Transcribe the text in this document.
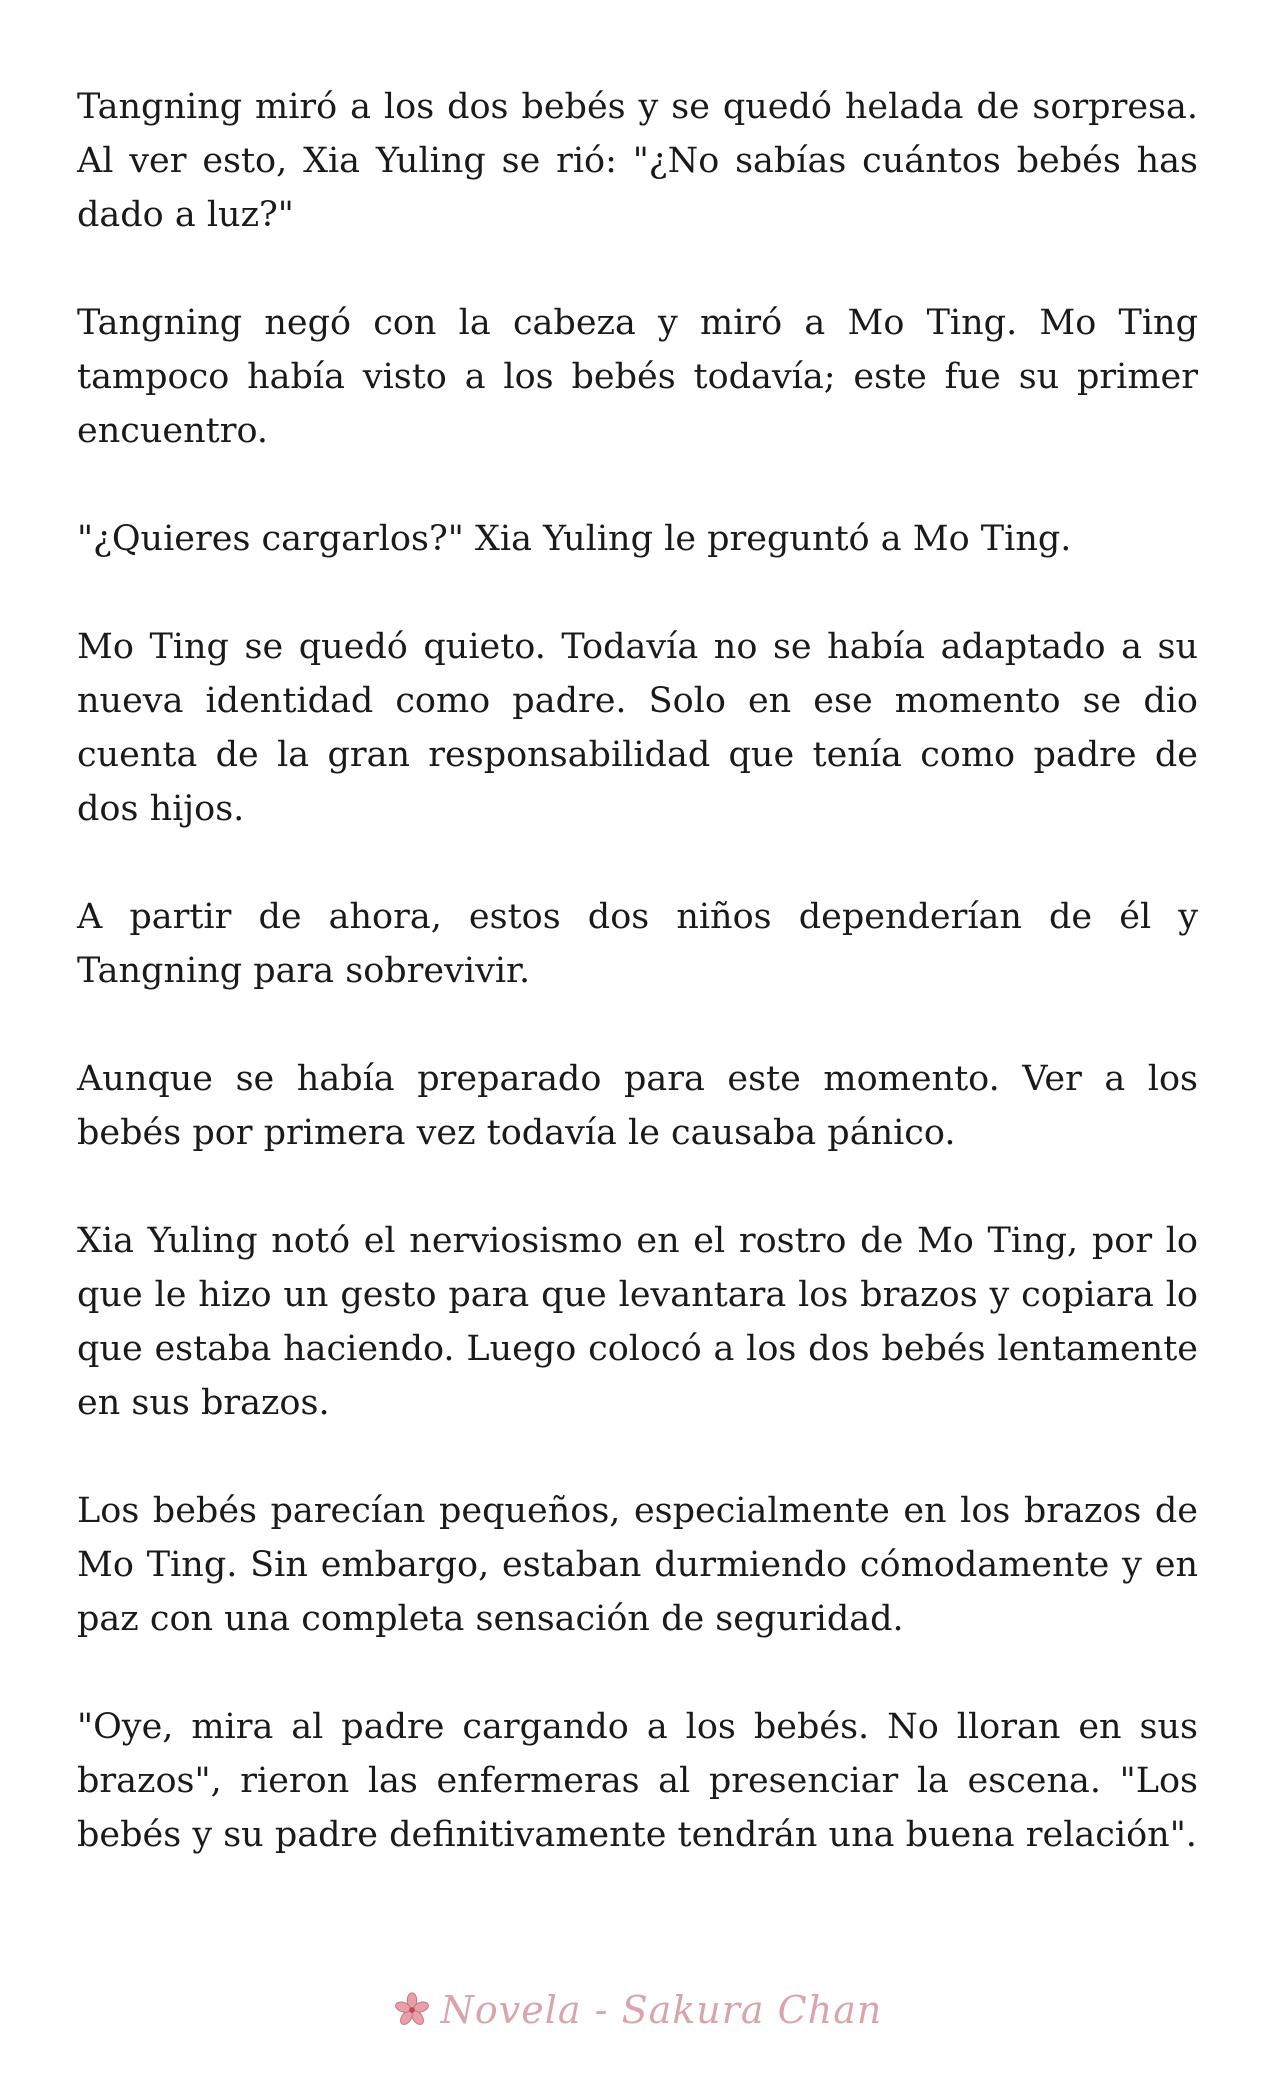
Tangning miró a los dos bebés y se quedó helada de sorpresa. Al ver esto, Xia Yuling se rió: "¿No sabías cuántos bebés has dado a luz?"

Tangning negó con la cabeza y miró a Mo Ting. Mo Ting tampoco había visto a los bebés todavía; este fue su primer encuentro.

"¿Quieres cargarlos?" Xia Yuling le preguntó a Mo Ting.

Mo Ting se quedó quieto. Todavía no se había adaptado a su nueva identidad como padre. Solo en ese momento se dio cuenta de la gran responsabilidad que tenía como padre de dos hijos.

A partir de ahora, estos dos niños dependerían de él y Tangning para sobrevivir.

Aunque se había preparado para este momento. Ver a los bebés por primera vez todavía le causaba pánico.

Xia Yuling notó el nerviosismo en el rostro de Mo Ting, por lo que le hizo un gesto para que levantara los brazos y copiara lo que estaba haciendo. Luego colocó a los dos bebés lentamente en sus brazos.

Los bebés parecían pequeños, especialmente en los brazos de Mo Ting. Sin embargo, estaban durmiendo cómodamente y en paz con una completa sensación de seguridad.

"Oye, mira al padre cargando a los bebés. No lloran en sus brazos", rieron las enfermeras al presenciar la escena. "Los bebés y su padre definitivamente tendrán una buena relación".

Novela - Sakura Chan
